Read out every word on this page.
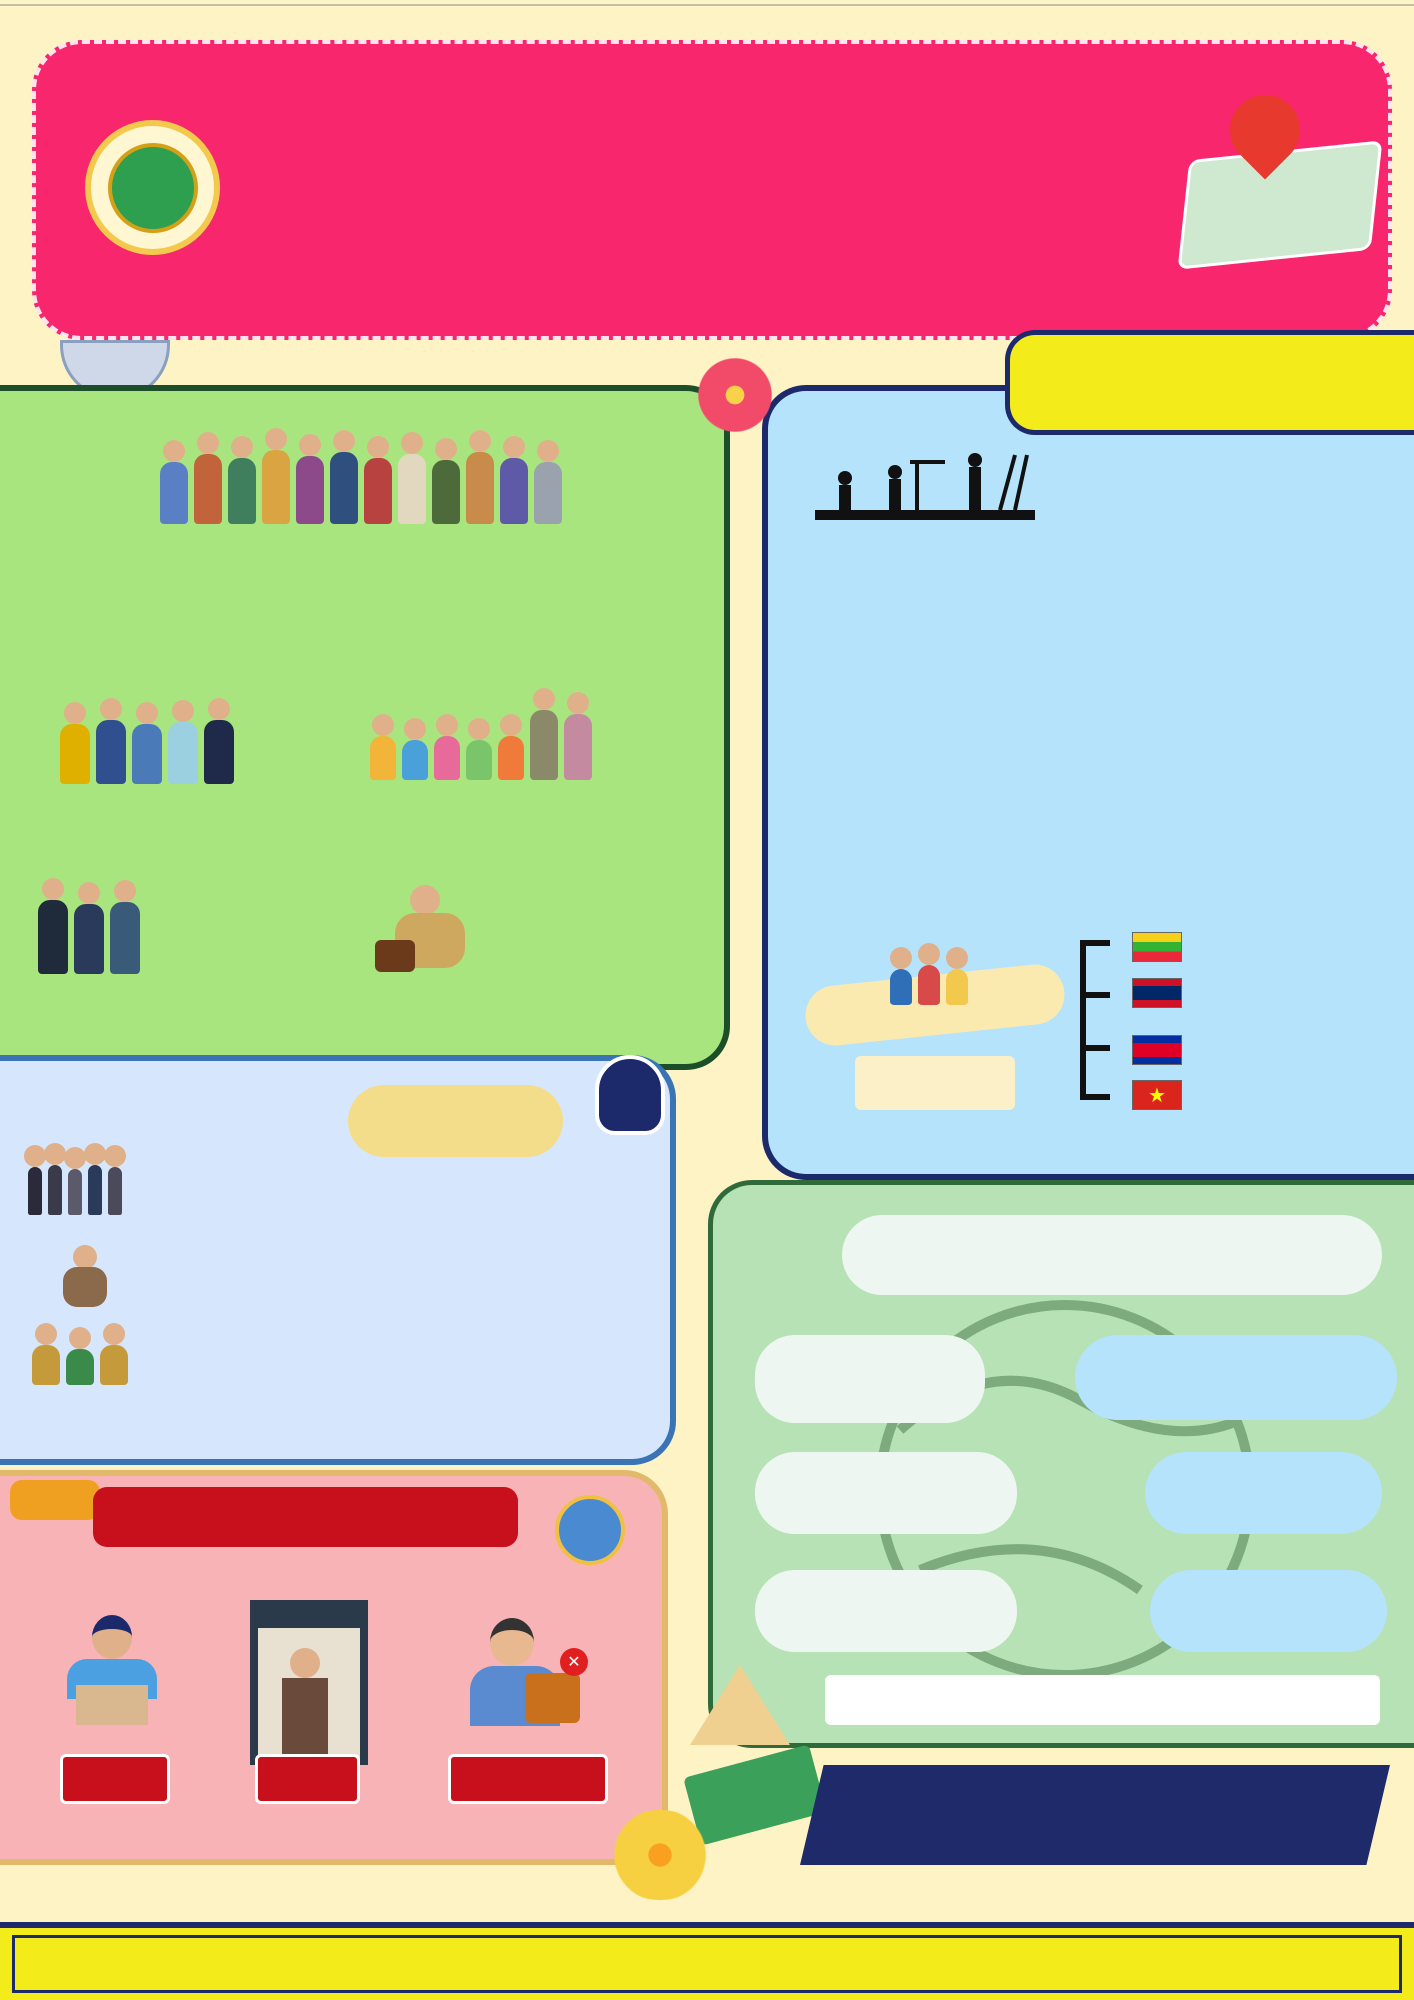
★
✕
